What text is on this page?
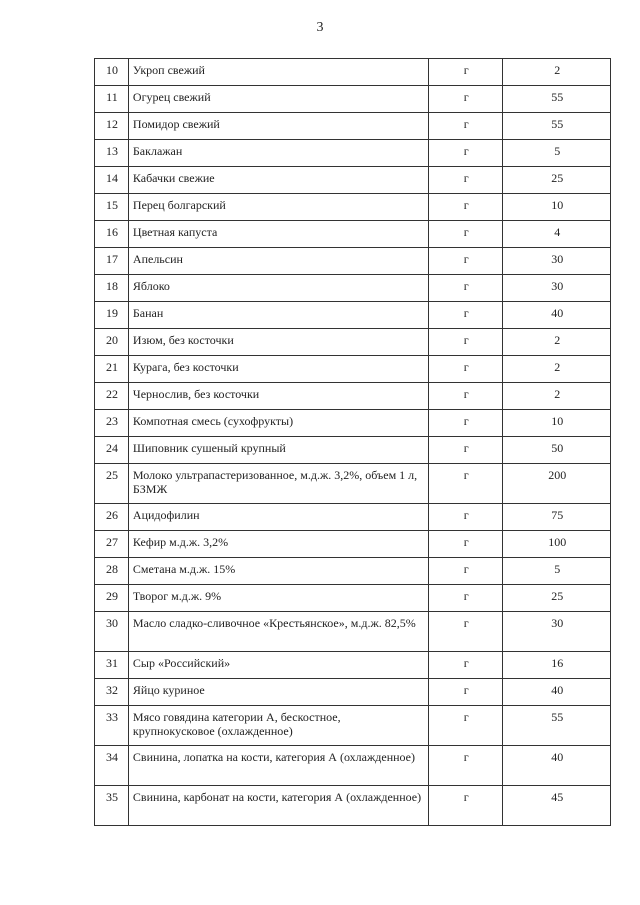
3
10	Укроп свежий	г	2
11	Огурец свежий	г	55
12	Помидор свежий	г	55
13	Баклажан	г	5
14	Кабачки свежие	г	25
15	Перец болгарский	г	10
16	Цветная капуста	г	4
17	Апельсин	г	30
18	Яблоко	г	30
19	Банан	г	40
20	Изюм, без косточки	г	2
21	Курага, без косточки	г	2
22	Чернослив, без косточки	г	2
23	Компотная смесь (сухофрукты)	г	10
24	Шиповник сушеный крупный	г	50
25	Молоко ультрапастеризованное, м.д.ж. 3,2%, объем 1 л, БЗМЖ	г	200
26	Ацидофилин	г	75
27	Кефир м.д.ж. 3,2%	г	100
28	Сметана м.д.ж. 15%	г	5
29	Творог м.д.ж. 9%	г	25
30	Масло сладко-сливочное «Крестьянское», м.д.ж. 82,5%	г	30
31	Сыр «Российский»	г	16
32	Яйцо куриное	г	40
33	Мясо говядина категории А, бескостное, крупнокусковое (охлажденное)	г	55
34	Свинина, лопатка на кости, категория А (охлажденное)	г	40
35	Свинина, карбонат на кости, категория А (охлажденное)	г	45
